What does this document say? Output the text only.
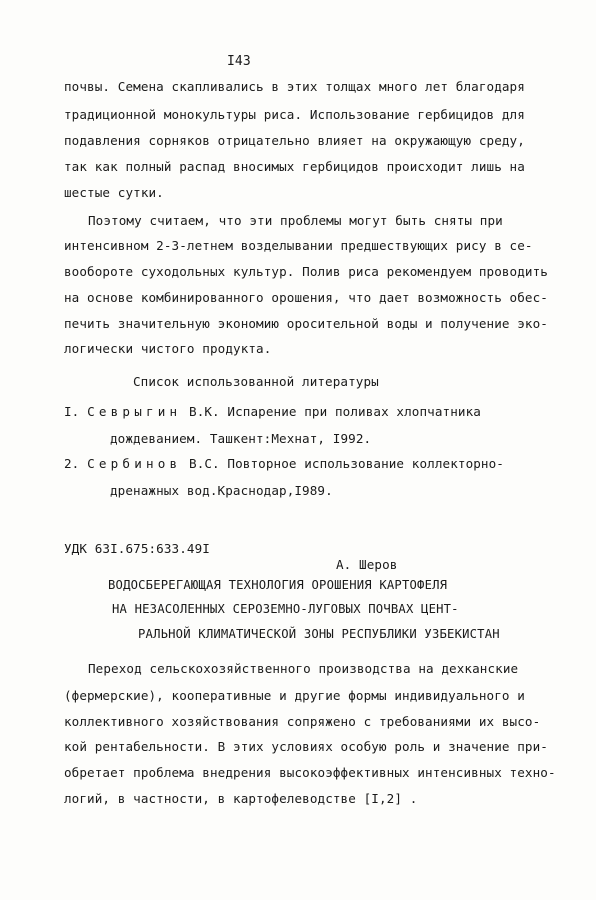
I43
почвы. Семена скапливались в этих толщах много лет благодаря
традиционной монокультуры риса. Использование гербицидов для
подавления сорняков отрицательно влияет на окружающую среду,
так как полный распад вносимых гербицидов происходит лишь на
шестые сутки.
Поэтому считаем, что эти проблемы могут быть сняты при
интенсивном 2-3-летнем возделывании предшествующих рису в се-
вообороте суходольных культур. Полив риса рекомендуем проводить
на основе комбинированного орошения, что дает возможность обес-
печить значительную экономию оросительной воды и получение эко-
логически чистого продукта.
Список использованной литературы
I. Севрыгин В.К. Испарение при поливах хлопчатника
дождеванием. Ташкент:Мехнат, I992.
2. Сербинов В.С. Повторное использование коллекторно-
дренажных вод.Краснодар,I989.
УДК 63I.675:633.49I
А. Шеров
ВОДОСБЕРЕГАЮЩАЯ ТЕХНОЛОГИЯ ОРОШЕНИЯ КАРТОФЕЛЯ
НА НЕЗАСОЛЕННЫХ СЕРОЗЕМНО-ЛУГОВЫХ ПОЧВАХ ЦЕНТ-
РАЛЬНОЙ КЛИМАТИЧЕСКОЙ ЗОНЫ РЕСПУБЛИКИ УЗБЕКИСТАН
Переход сельскохозяйственного производства на дехканские
(фермерские), кооперативные и другие формы индивидуального и
коллективного хозяйствования сопряжено с требованиями их высо-
кой рентабельности. В этих условиях особую роль и значение при-
обретает проблема внедрения высокоэффективных интенсивных техно-
логий, в частности, в картофелеводстве [I,2] .
